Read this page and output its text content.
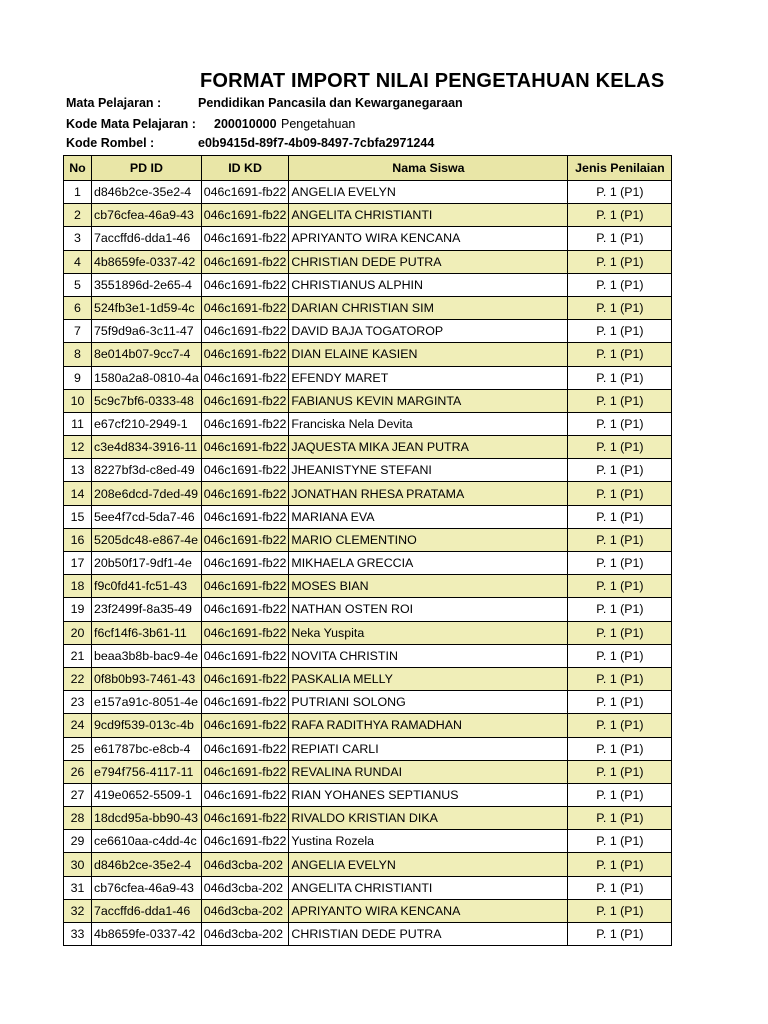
FORMAT IMPORT NILAI PENGETAHUAN KELAS
Mata Pelajaran :	Pendidikan Pancasila dan Kewarganegaraan
Kode Mata Pelajaran : 200010000 Pengetahuan
Kode Rombel :	e0b9415d-89f7-4b09-8497-7cbfa2971244
No	PD ID	ID KD	Nama Siswa	Jenis Penilaian
1	d846b2ce-35e2-4	046c1691-fb22	ANGELIA EVELYN	P. 1 (P1)
2	cb76cfea-46a9-43	046c1691-fb22	ANGELITA CHRISTIANTI	P. 1 (P1)
3	7accffd6-dda1-46	046c1691-fb22	APRIYANTO WIRA KENCANA	P. 1 (P1)
4	4b8659fe-0337-42	046c1691-fb22	CHRISTIAN DEDE PUTRA	P. 1 (P1)
5	3551896d-2e65-4	046c1691-fb22	CHRISTIANUS ALPHIN	P. 1 (P1)
6	524fb3e1-1d59-4c	046c1691-fb22	DARIAN CHRISTIAN SIM	P. 1 (P1)
7	75f9d9a6-3c11-47	046c1691-fb22	DAVID BAJA TOGATOROP	P. 1 (P1)
8	8e014b07-9cc7-4	046c1691-fb22	DIAN ELAINE KASIEN	P. 1 (P1)
9	1580a2a8-0810-4a	046c1691-fb22	EFENDY MARET	P. 1 (P1)
10	5c9c7bf6-0333-48	046c1691-fb22	FABIANUS KEVIN MARGINTA	P. 1 (P1)
11	e67cf210-2949-1	046c1691-fb22	Franciska Nela Devita	P. 1 (P1)
12	c3e4d834-3916-11	046c1691-fb22	JAQUESTA MIKA JEAN PUTRA	P. 1 (P1)
13	8227bf3d-c8ed-49	046c1691-fb22	JHEANISTYNE STEFANI	P. 1 (P1)
14	208e6dcd-7ded-49	046c1691-fb22	JONATHAN RHESA PRATAMA	P. 1 (P1)
15	5ee4f7cd-5da7-46	046c1691-fb22	MARIANA EVA	P. 1 (P1)
16	5205dc48-e867-4e	046c1691-fb22	MARIO CLEMENTINO	P. 1 (P1)
17	20b50f17-9df1-4e	046c1691-fb22	MIKHAELA GRECCIA	P. 1 (P1)
18	f9c0fd41-fc51-43	046c1691-fb22	MOSES BIAN	P. 1 (P1)
19	23f2499f-8a35-49	046c1691-fb22	NATHAN OSTEN ROI	P. 1 (P1)
20	f6cf14f6-3b61-11	046c1691-fb22	Neka Yuspita	P. 1 (P1)
21	beaa3b8b-bac9-4e	046c1691-fb22	NOVITA CHRISTIN	P. 1 (P1)
22	0f8b0b93-7461-43	046c1691-fb22	PASKALIA MELLY	P. 1 (P1)
23	e157a91c-8051-4e	046c1691-fb22	PUTRIANI SOLONG	P. 1 (P1)
24	9cd9f539-013c-4b	046c1691-fb22	RAFA RADITHYA RAMADHAN	P. 1 (P1)
25	e61787bc-e8cb-4	046c1691-fb22	REPIATI CARLI	P. 1 (P1)
26	e794f756-4117-11	046c1691-fb22	REVALINA RUNDAI	P. 1 (P1)
27	419e0652-5509-1	046c1691-fb22	RIAN YOHANES SEPTIANUS	P. 1 (P1)
28	18dcd95a-bb90-43	046c1691-fb22	RIVALDO KRISTIAN DIKA	P. 1 (P1)
29	ce6610aa-c4dd-4c	046c1691-fb22	Yustina Rozela	P. 1 (P1)
30	d846b2ce-35e2-4	046d3cba-202	ANGELIA EVELYN	P. 1 (P1)
31	cb76cfea-46a9-43	046d3cba-202	ANGELITA CHRISTIANTI	P. 1 (P1)
32	7accffd6-dda1-46	046d3cba-202	APRIYANTO WIRA KENCANA	P. 1 (P1)
33	4b8659fe-0337-42	046d3cba-202	CHRISTIAN DEDE PUTRA	P. 1 (P1)
